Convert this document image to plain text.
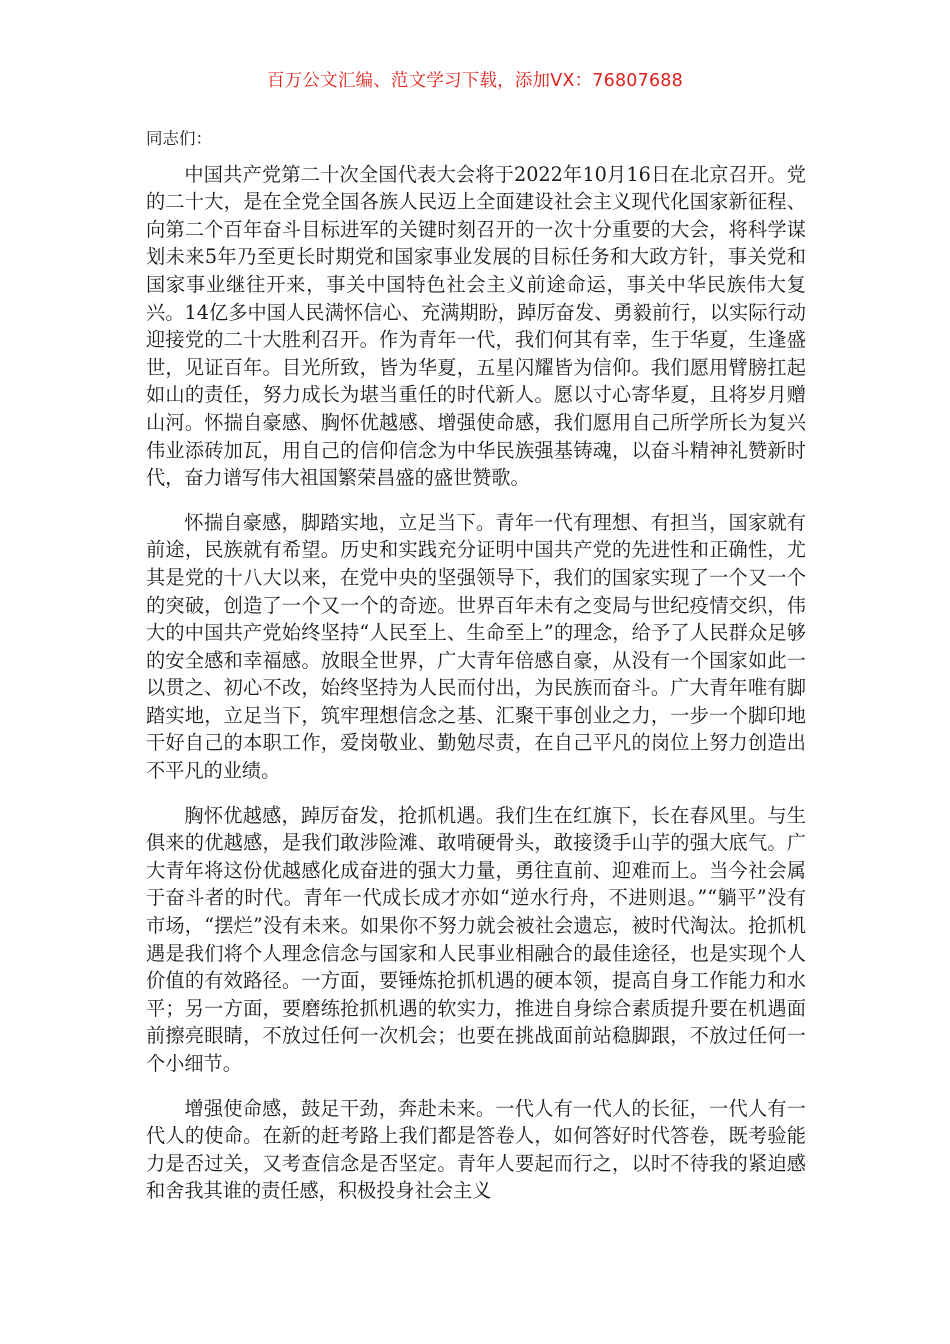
百万公文汇编、范文学习下载，添加VX：76807688

同志们：

中国共产党第二十次全国代表大会将于2022年10月16日在北京召开。党的二十大，是在全党全国各族人民迈上全面建设社会主义现代化国家新征程、向第二个百年奋斗目标进军的关键时刻召开的一次十分重要的大会，将科学谋划未来5年乃至更长时期党和国家事业发展的目标任务和大政方针，事关党和国家事业继往开来，事关中国特色社会主义前途命运，事关中华民族伟大复兴。14亿多中国人民满怀信心、充满期盼，踔厉奋发、勇毅前行，以实际行动迎接党的二十大胜利召开。作为青年一代，我们何其有幸，生于华夏，生逢盛世，见证百年。目光所致，皆为华夏，五星闪耀皆为信仰。我们愿用臂膀扛起如山的责任，努力成长为堪当重任的时代新人。愿以寸心寄华夏，且将岁月赠山河。怀揣自豪感、胸怀优越感、增强使命感，我们愿用自己所学所长为复兴伟业添砖加瓦，用自己的信仰信念为中华民族强基铸魂，以奋斗精神礼赞新时代，奋力谱写伟大祖国繁荣昌盛的盛世赞歌。

怀揣自豪感，脚踏实地，立足当下。青年一代有理想、有担当，国家就有前途，民族就有希望。历史和实践充分证明中国共产党的先进性和正确性，尤其是党的十八大以来，在党中央的坚强领导下，我们的国家实现了一个又一个的突破，创造了一个又一个的奇迹。世界百年未有之变局与世纪疫情交织，伟大的中国共产党始终坚持“人民至上、生命至上”的理念，给予了人民群众足够的安全感和幸福感。放眼全世界，广大青年倍感自豪，从没有一个国家如此一以贯之、初心不改，始终坚持为人民而付出，为民族而奋斗。广大青年唯有脚踏实地，立足当下，筑牢理想信念之基、汇聚干事创业之力，一步一个脚印地干好自己的本职工作，爱岗敬业、勤勉尽责，在自己平凡的岗位上努力创造出不平凡的业绩。

胸怀优越感，踔厉奋发，抢抓机遇。我们生在红旗下，长在春风里。与生俱来的优越感，是我们敢涉险滩、敢啃硬骨头，敢接烫手山芋的强大底气。广大青年将这份优越感化成奋进的强大力量，勇往直前、迎难而上。当今社会属于奋斗者的时代。青年一代成长成才亦如“逆水行舟，不进则退。”“躺平”没有市场，“摆烂”没有未来。如果你不努力就会被社会遗忘，被时代淘汰。抢抓机遇是我们将个人理念信念与国家和人民事业相融合的最佳途径，也是实现个人价值的有效路径。一方面，要锤炼抢抓机遇的硬本领，提高自身工作能力和水平；另一方面，要磨练抢抓机遇的软实力，推进自身综合素质提升要在机遇面前擦亮眼睛，不放过任何一次机会；也要在挑战面前站稳脚跟，不放过任何一个小细节。

增强使命感，鼓足干劲，奔赴未来。一代人有一代人的长征，一代人有一代人的使命。在新的赶考路上我们都是答卷人，如何答好时代答卷，既考验能力是否过关，又考查信念是否坚定。青年人要起而行之，以时不待我的紧迫感和舍我其谁的责任感，积极投身社会主义
